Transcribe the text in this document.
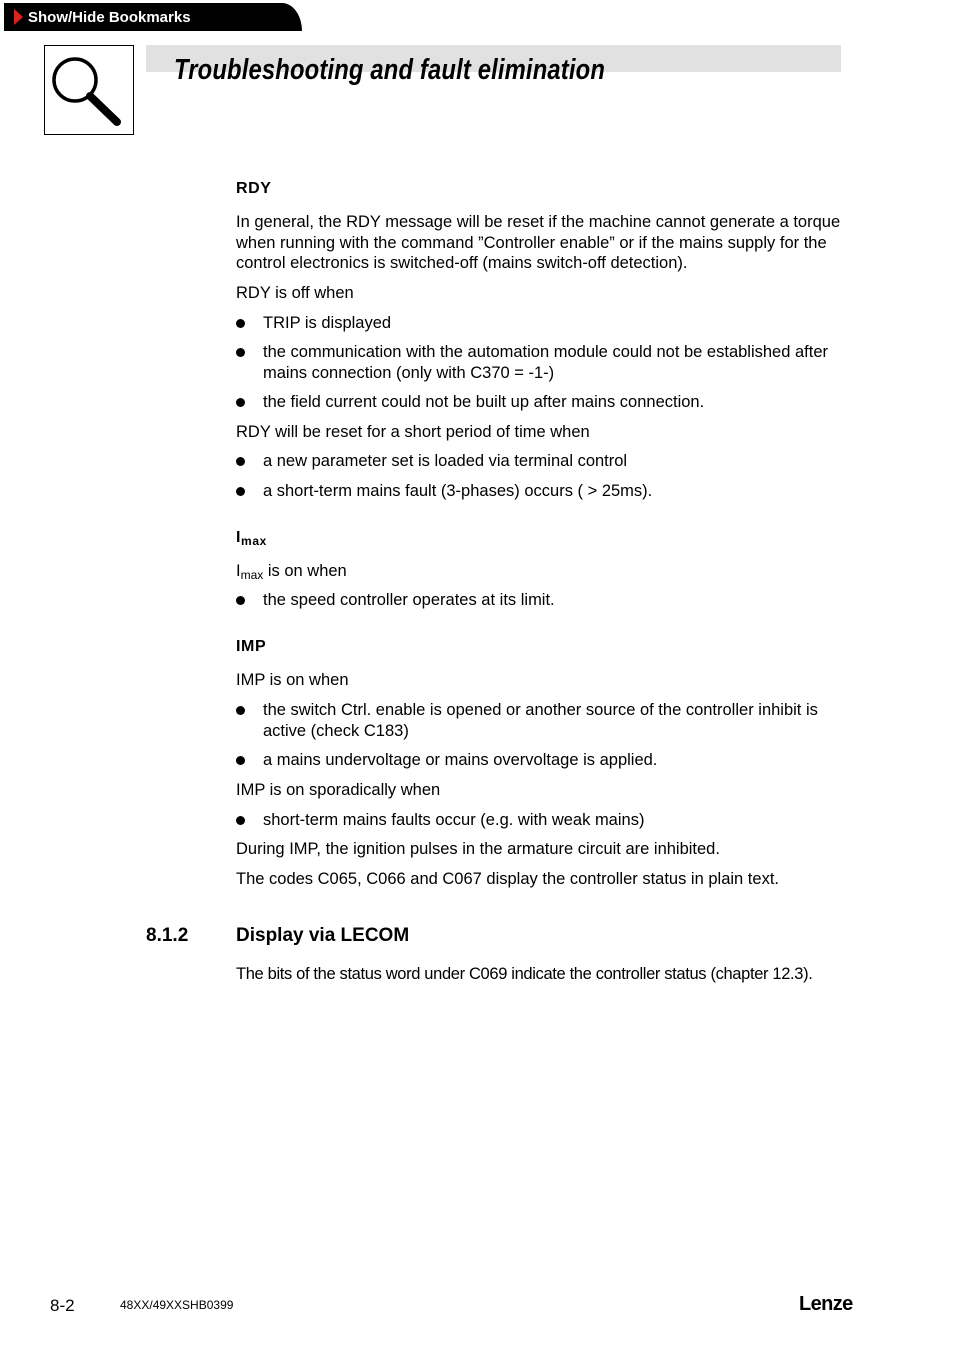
Show/Hide Bookmarks
Troubleshooting and fault elimination
RDY
In general, the RDY message will be reset if the machine cannot generate a torque when running with the command ”Controller enable” or if the mains supply for the control electronics is switched-off (mains switch-off detection).
RDY is off when
TRIP is displayed
the communication with the automation module could not be established after mains connection (only with C370 = -1-)
the field current could not be built up after mains connection.
RDY will be reset for a short period of time when
a new parameter set is loaded via terminal control
a short-term mains fault (3-phases) occurs ( > 25ms).
$I_{max}$
$I_{max}$ is on when
the speed controller operates at its limit.
IMP
IMP is on when
the switch Ctrl. enable is opened or another source of the controller inhibit is active (check C183)
a mains undervoltage or mains overvoltage is applied.
IMP is on sporadically when
short-term mains faults occur (e.g. with weak mains)
During IMP, the ignition pulses in the armature circuit are inhibited.
The codes C065, C066 and C067 display the controller status in plain text.
8.1.2	Display via LECOM
The bits of the status word under C069 indicate the controller status (chapter 12.3).
8-2	48XX/49XXSHB0399	Lenze
